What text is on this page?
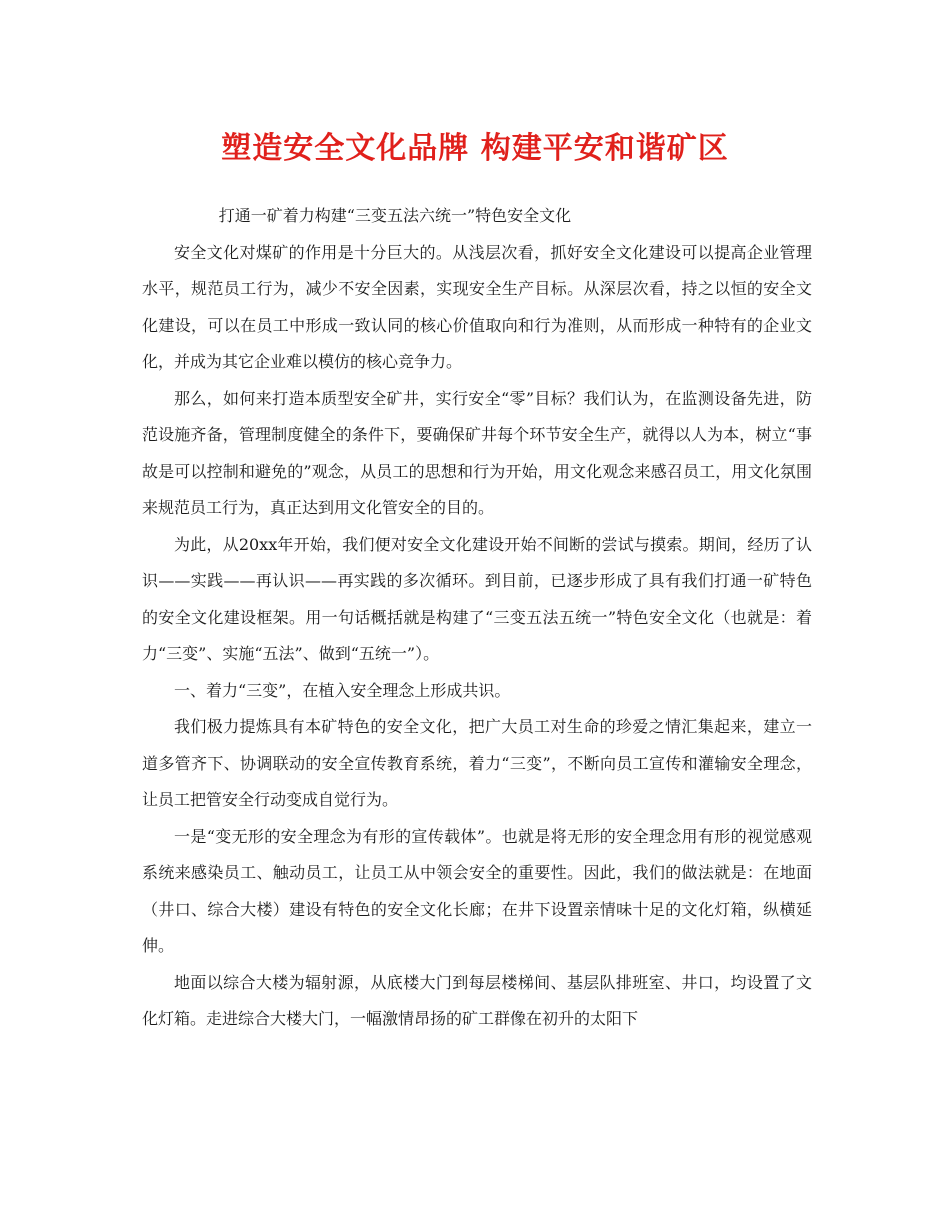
塑造安全文化品牌 构建平安和谐矿区

打通一矿着力构建“三变五法六统一”特色安全文化

安全文化对煤矿的作用是十分巨大的。从浅层次看，抓好安全文化建设可以提高企业管理水平，规范员工行为，减少不安全因素，实现安全生产目标。从深层次看，持之以恒的安全文化建设，可以在员工中形成一致认同的核心价值取向和行为准则，从而形成一种特有的企业文化，并成为其它企业难以模仿的核心竞争力。

那么，如何来打造本质型安全矿井，实行安全“零”目标？我们认为，在监测设备先进，防范设施齐备，管理制度健全的条件下，要确保矿井每个环节安全生产，就得以人为本，树立“事故是可以控制和避免的”观念，从员工的思想和行为开始，用文化观念来感召员工，用文化氛围来规范员工行为，真正达到用文化管安全的目的。

为此，从20xx年开始，我们便对安全文化建设开始不间断的尝试与摸索。期间，经历了认识——实践——再认识——再实践的多次循环。到目前，已逐步形成了具有我们打通一矿特色的安全文化建设框架。用一句话概括就是构建了“三变五法五统一”特色安全文化（也就是：着力“三变”、实施“五法”、做到“五统一”）。

一、着力“三变”，在植入安全理念上形成共识。

我们极力提炼具有本矿特色的安全文化，把广大员工对生命的珍爱之情汇集起来，建立一道多管齐下、协调联动的安全宣传教育系统，着力“三变”，不断向员工宣传和灌输安全理念，让员工把管安全行动变成自觉行为。

一是“变无形的安全理念为有形的宣传载体”。也就是将无形的安全理念用有形的视觉感观系统来感染员工、触动员工，让员工从中领会安全的重要性。因此，我们的做法就是：在地面（井口、综合大楼）建设有特色的安全文化长廊；在井下设置亲情味十足的文化灯箱，纵横延伸。

地面以综合大楼为辐射源，从底楼大门到每层楼梯间、基层队排班室、井口，均设置了文化灯箱。走进综合大楼大门，一幅激情昂扬的矿工群像在初升的太阳下
